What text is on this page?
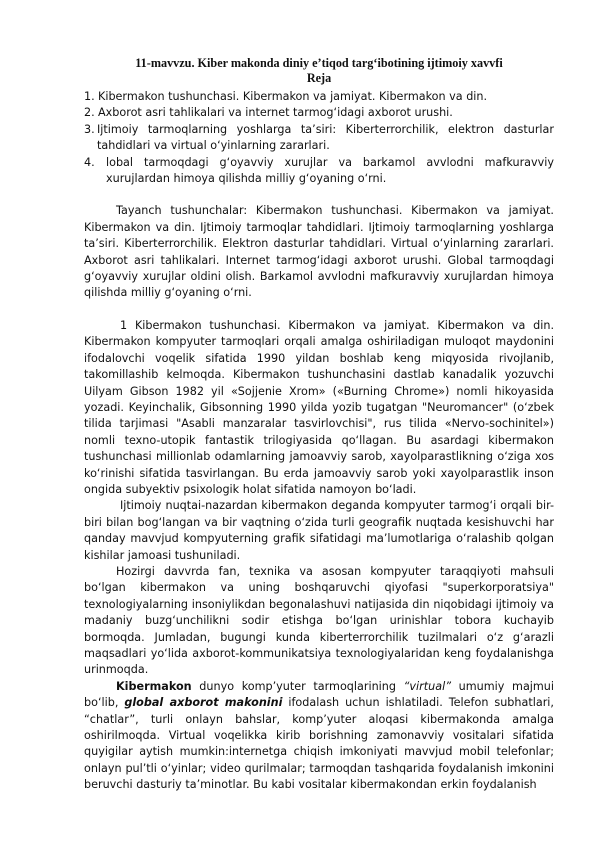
11-mavvzu. Kiber makonda diniy e’tiqod targ‘ibotining ijtimoiy xavvfi
Reja
1. Kibermakon tushunchasi. Kibermakon va jamiyat. Kibermakon va din.
2. Axborot asri tahlikalari va internet tarmog‘idagi axborot urushi.
3. Ijtimoiy tarmoqlarning yoshlarga ta’siri: Kiberterrorchilik, elektron dasturlar tahdidlari va virtual o‘yinlarning zararlari.
4.	lobal tarmoqdagi g‘oyavviy xurujlar va barkamol avvlodni mafkuravviy xurujlardan himoya qilishda milliy g‘oyaning o‘rni.

Tayanch tushunchalar: Kibermakon tushunchasi. Kibermakon va jamiyat. Kibermakon va din. Ijtimoiy tarmoqlar tahdidlari. Ijtimoiy tarmoqlarning yoshlarga ta’siri. Kiberterrorchilik. Elektron dasturlar tahdidlari. Virtual o‘yinlarning zararlari. Axborot asri tahlikalari. Internet tarmog‘idagi axborot urushi. Global tarmoqdagi g‘oyavviy xurujlar oldini olish. Barkamol avvlodni mafkuravviy xurujlardan himoya qilishda milliy g‘oyaning o‘rni.

1 Kibermakon tushunchasi. Kibermakon va jamiyat. Kibermakon va din. Kibermakon kompyuter tarmoqlari orqali amalga oshiriladigan muloqot maydonini ifodalovchi voqelik sifatida 1990 yildan boshlab keng miqyosida rivojlanib, takomillashib kelmoqda. Kibermakon tushunchasini dastlab kanadalik yozuvchi Uilyam Gibson 1982 yil «Sojjenie Xrom» («Burning Chrome») nomli hikoyasida yozadi. Keyinchalik, Gibsonning 1990 yilda yozib tugatgan "Neuromancer" (o‘zbek tilida tarjimasi "Asabli manzaralar tasvirlovchisi", rus tilida «Nervo-sochinitel») nomli texno-utopik fantastik trilogiyasida qo‘llagan. Bu asardagi kibermakon tushunchasi millionlab odamlarning jamoavviy sarob, xayolparastlikning o‘ziga xos ko‘rinishi sifatida tasvirlangan. Bu erda jamoavviy sarob yoki xayolparastlik inson ongida subyektiv psixologik holat sifatida namoyon bo‘ladi.

Ijtimoiy nuqtai-nazardan kibermakon deganda kompyuter tarmog‘i orqali bir-biri bilan bog‘langan va bir vaqtning o‘zida turli geografik nuqtada kesishuvchi har qanday mavvjud kompyuterning grafik sifatidagi ma’lumotlariga o‘ralashib qolgan kishilar jamoasi tushuniladi.

Hozirgi davvrda fan, texnika va asosan kompyuter taraqqiyoti mahsuli bo‘lgan kibermakon va uning boshqaruvchi qiyofasi "superkorporatsiya" texnologiyalarning insoniylikdan begonalashuvi natijasida din niqobidagi ijtimoiy va madaniy buzg‘unchilikni sodir etishga bo‘lgan urinishlar tobora kuchayib bormoqda. Jumladan, bugungi kunda kiberterrorchilik tuzilmalari o‘z g‘arazli maqsadlari yo‘lida axborot-kommunikatsiya texnologiyalaridan keng foydalanishga urinmoqda.

Kibermakon dunyo komp’yuter tarmoqlarining “virtual” umumiy majmui bo‘lib, global axborot makonini ifodalash uchun ishlatiladi. Telefon subhatlari, “chatlar”, turli onlayn bahslar, komp’yuter aloqasi kibermakonda amalga oshirilmoqda. Virtual voqelikka kirib borishning zamonavviy vositalari sifatida quyigilar aytish mumkin:internetga chiqish imkoniyati mavvjud mobil telefonlar; onlayn pul’tli o‘yinlar; video qurilmalar; tarmoqdan tashqarida foydalanish imkonini beruvchi dasturiy ta’minotlar. Bu kabi vositalar kibermakondan erkin foydalanish
